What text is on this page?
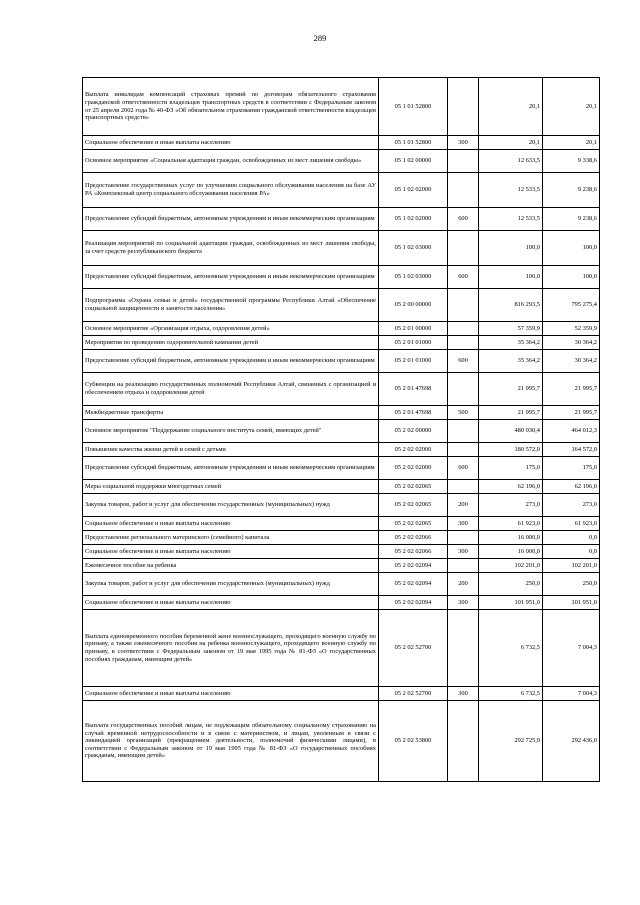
289
Выплата инвалидам компенсаций страховых премий по договорам обязательного страхования гражданской ответственности владельцев транспортных средств в соответствии с Федеральным законом от 25 апреля 2002 года № 40-ФЗ «Об обязательном страховании гражданской ответственности владельцев транспортных средств»	05 1 01 52800		20,1	20,1
Социальное обеспечение и иные выплаты населению	05 1 01 52800	300	20,1	20,1
Основное мероприятие «Социальная адаптация граждан, освобожденных из мест лишения свободы»	05 1 02 00000		12 633,5	9 338,6
Предоставление государственных услуг по улучшению социального обслуживания населения на базе АУ РА «Комплексный центр социального обслуживания населения РА»	05 1 02 02000		12 533,5	9 238,6
Предоставление субсидий бюджетным, автономным учреждениям и иным некоммерческим организациям	05 1 02 02000	600	12 533,5	9 238,6
Реализация мероприятий по социальной адаптации граждан, освобожденных из мест лишения свободы, за счет средств республиканского бюджета	05 1 02 03000		100,0	100,0
Предоставление субсидий бюджетным, автономным учреждениям и иным некоммерческим организациям	05 1 02 03000	600	100,0	100,0
Подпрограмма «Охрана семьи и детей» государственной программы Республики Алтай «Обеспечение социальной защищенности и занятости населения»	05 2 00 00000		816 293,5	795 275,4
Основное мероприятие «Организация отдыха, оздоровления детей»	05 2 01 00000		57 359,9	52 359,9
Мероприятия по проведению оздоровительной кампании детей	05 2 01 01000		35 364,2	30 364,2
Предоставление субсидий бюджетным, автономным учреждениям и иным некоммерческим организациям	05 2 01 01000	600	35 364,2	30 364,2
Субвенции на реализацию государственных полномочий Республики Алтай, связанных с организацией и обеспечением отдыха и оздоровления детей	05 2 01 47698		21 995,7	21 995,7
Межбюджетные трансферты	05 2 01 47698	500	21 995,7	21 995,7
Основное мероприятие "Поддержание социального института семей, имеющих детей"	05 2 02 00000		480 030,4	464 012,3
Повышение качества жизни детей и семей с детьми	05 2 02 02000		180 572,0	164 572,0
Предоставление субсидий бюджетным, автономным учреждениям и иным некоммерческим организациям	05 2 02 02000	600	175,0	175,0
Меры социальной поддержки многодетных семей	05 2 02 02065		62 196,0	62 196,0
Закупка товаров, работ и услуг для обеспечения государственных (муниципальных) нужд	05 2 02 02065	200	273,0	273,0
Социальное обеспечение и иные выплаты населению	05 2 02 02065	300	61 923,0	61 923,0
Предоставление регионального материнского (семейного) капитала	05 2 02 02066		16 000,0	0,0
Социальное обеспечение и иные выплаты населению	05 2 02 02066	300	16 000,0	0,0
Ежемесячное пособие на ребенка	05 2 02 02094		102 201,0	102 201,0
Закупка товаров, работ и услуг для обеспечения государственных (муниципальных) нужд	05 2 02 02094	200	250,0	250,0
Социальное обеспечение и иные выплаты населению	05 2 02 02094	300	101 951,0	101 951,0
Выплата единовременного пособия беременной жене военнослужащего, проходящего военную службу по призыву, а также ежемесячного пособия на ребенка военнослужащего, проходящего военную службу по призыву, в соответствии с Федеральным законом от 19 мая 1995 года № 81-ФЗ «О государственных пособиях гражданам, имеющим детей»	05 2 02 52700		6 732,5	7 004,3
Социальное обеспечение и иные выплаты населению	05 2 02 52700	300	6 732,5	7 004,3
Выплата государственных пособий лицам, не подлежащим обязательному социальному страхованию на случай временной нетрудоспособности и в связи с материнством, и лицам, уволенным в связи с ликвидацией организаций (прекращением деятельности, полномочий физическими лицами), в соответствии с Федеральным законом от 19 мая 1995 года № 81-ФЗ «О государственных пособиях гражданам, имеющим детей»	05 2 02 53800		292 725,9	292 436,0
